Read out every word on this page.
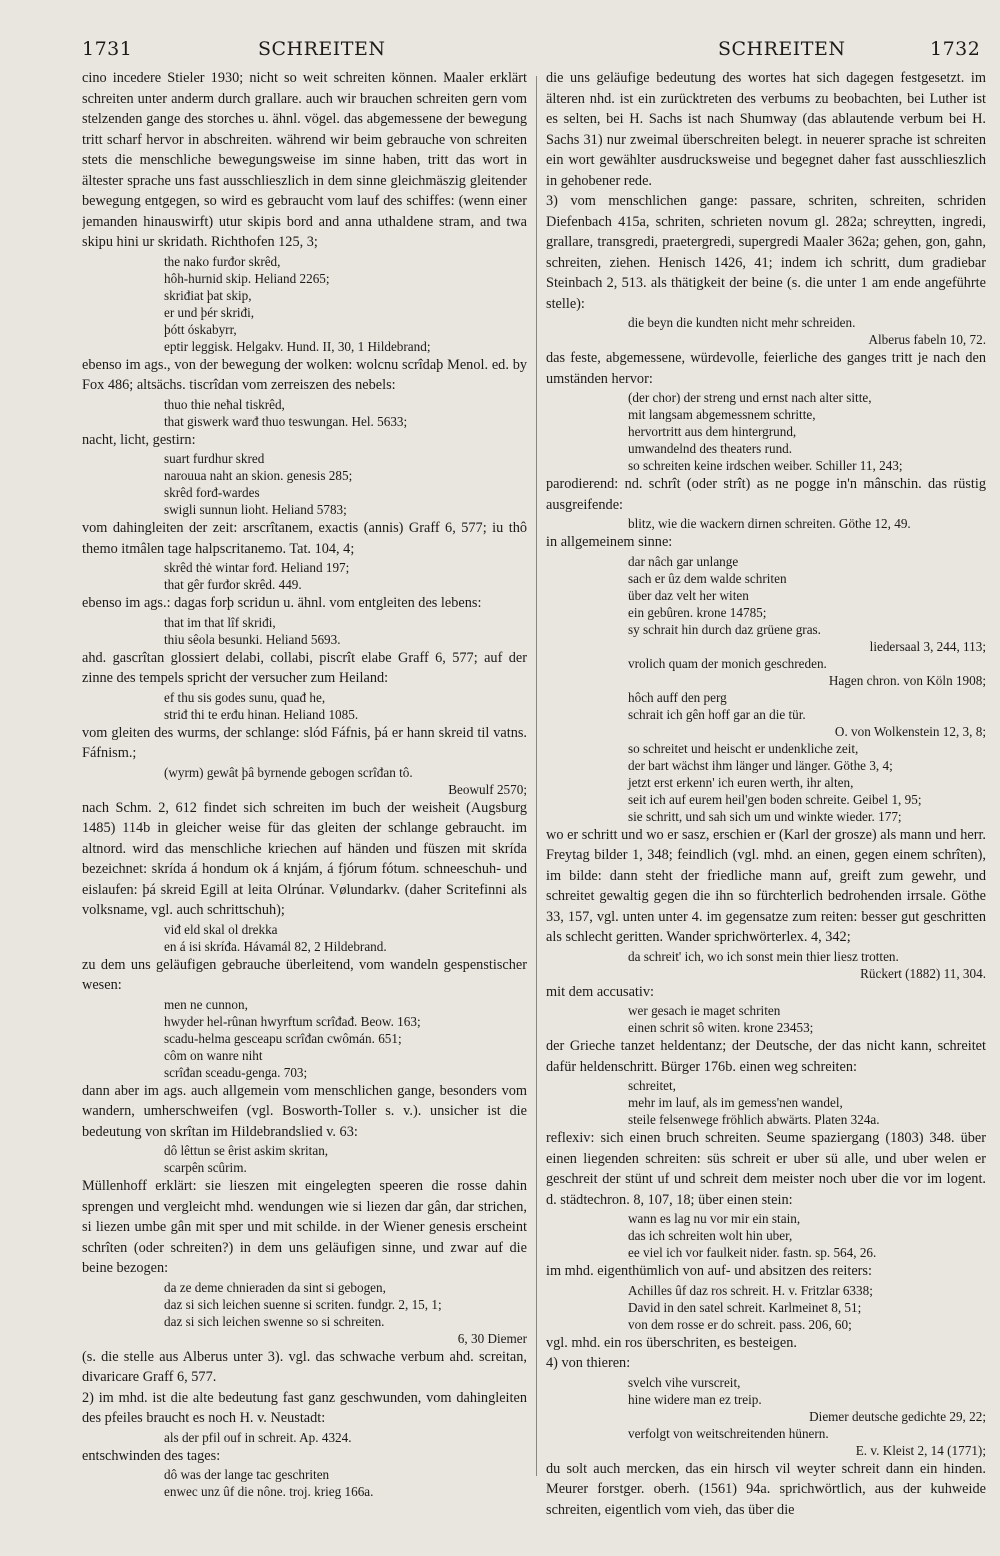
1731	SCHREITEN	SCHREITEN	1732
cino incedere Stieler 1930; nicht so weit schreiten können. Maaler erklärt schreiten unter anderm durch grallare. auch wir brauchen schreiten gern vom stelzenden gange des storches u. ähnl. vögel. das abgemessene der bewegung tritt scharf hervor in abschreiten. während wir beim gebrauche von schreiten stets die menschliche bewegungsweise im sinne haben, tritt das wort in ältester sprache uns fast ausschlieszlich in dem sinne gleichmäszig gleitender bewegung entgegen, so wird es gebraucht vom lauf des schiffes: (wenn einer jemanden hinauswirft) utur skipis bord and anna uthaldene stram, and twa skipu hini ur skridath. Richthofen 125, 3;
the nako furđor skrêd,
hôh-hurnid skip. Heliand 2265;
skriđiat þat skip,
er und þér skriđi,
þótt óskabyrr,
eptir leggisk. Helgakv. Hund. II, 30, 1 Hildebrand;
ebenso im ags., von der bewegung der wolken: wolcnu scrîdaþ Menol. ed. by Fox 486; altsächs. tiscrîdan vom zerreiszen des nebels:
thuo thie neħal tiskrêd,
that giswerk warđ thuo teswungan. Hel. 5633;
nacht, licht, gestirn:
suart furdhur skred
narouua naht an skion. genesis 285;
skrêd forđ-wardes
swigli sunnun lioht. Heliand 5783;
vom dahingleiten der zeit: arscrîtanem, exactis (annis) Graff 6, 577; iu thô themo itmâlen tage halpscritanemo. Tat. 104, 4;
skrêd thė wintar forđ. Heliand 197;
that gêr furđor skrêd. 449.
ebenso im ags.: dagas forþ scridun u. ähnl. vom entgleiten des lebens:
that im that lîf skriđi,
thiu sêola besunki. Heliand 5693.
ahd. gascrîtan glossiert delabi, collabi, piscrît elabe Graff 6, 577; auf der zinne des tempels spricht der versucher zum Heiland:
ef thu sis godes sunu, quađ he,
striđ thi te erđu hinan. Heliand 1085.
vom gleiten des wurms, der schlange: slód Fáfnis, þá er hann skreid til vatns. Fáfnism.;
(wyrm) gewât þâ byrnende gebogen scrîđan tô.
Beowulf 2570;
nach Schm. 2, 612 findet sich schreiten im buch der weisheit (Augsburg 1485) 114b in gleicher weise für das gleiten der schlange gebraucht. im altnord. wird das menschliche kriechen auf händen und füszen mit skrída bezeichnet: skrída á hondum ok á knjám, á fjórum fótum. schneeschuh- und eislaufen: þá skreid Egill at leita Olrúnar. Vølundarkv. (daher Scritefinni als volksname, vgl. auch schrittschuh);
viđ eld skal ol drekka
en á isi skríđa. Hávamál 82, 2 Hildebrand.
zu dem uns geläufigen gebrauche überleitend, vom wandeln gespenstischer wesen:
men ne cunnon,
hwyder hel-rûnan hwyrftum scrîđađ. Beow. 163;
scadu-helma gesceapu scrîđan cwômán. 651;
côm on wanre niht
scrîđan sceadu-genga. 703;
dann aber im ags. auch allgemein vom menschlichen gange, besonders vom wandern, umherschweifen (vgl. Bosworth-Toller s. v.). unsicher ist die bedeutung von skrîtan im Hildebrandslied v. 63:
dô lêttun se êrist askim skritan,
scarpên scûrim.
Müllenhoff erklärt: sie lieszen mit eingelegten speeren die rosse dahin sprengen und vergleicht mhd. wendungen wie si liezen dar gân, dar strichen, si liezen umbe gân mit sper und mit schilde. in der Wiener genesis erscheint schrîten (oder schreiten?) in dem uns geläufigen sinne, und zwar auf die beine bezogen:
da ze deme chnieraden da sint si gebogen,
daz si sich leichen suenne si scriten. fundgr. 2, 15, 1;
daz si sich leichen swenne so si schreiten.
6, 30 Diemer
(s. die stelle aus Alberus unter 3). vgl. das schwache verbum ahd. screitan, divaricare Graff 6, 577.
2) im mhd. ist die alte bedeutung fast ganz geschwunden, vom dahingleiten des pfeiles braucht es noch H. v. Neustadt:
als der pfil ouf in schreit. Ap. 4324.
entschwinden des tages:
dô was der lange tac geschriten
enwec unz ûf die nône. troj. krieg 166a.
die uns geläufige bedeutung des wortes hat sich dagegen festgesetzt. im älteren nhd. ist ein zurücktreten des verbums zu beobachten, bei Luther ist es selten, bei H. Sachs ist nach Shumway (das ablautende verbum bei H. Sachs 31) nur zweimal überschreiten belegt. in neuerer sprache ist schreiten ein wort gewählter ausdrucksweise und begegnet daher fast ausschlieszlich in gehobener rede.
3) vom menschlichen gange: passare, schriten, schreiten, schriden Diefenbach 415a, schriten, schrieten novum gl. 282a; schreytten, ingredi, grallare, transgredi, praetergredi, supergredi Maaler 362a; gehen, gon, gahn, schreiten, ziehen. Henisch 1426, 41; indem ich schritt, dum gradiebar Steinbach 2, 513. als thätigkeit der beine (s. die unter 1 am ende angeführte stelle):
die beyn die kundten nicht mehr schreiden.
Alberus fabeln 10, 72.
das feste, abgemessene, würdevolle, feierliche des ganges tritt je nach den umständen hervor:
(der chor) der streng und ernst nach alter sitte,
mit langsam abgemessnem schritte,
hervortritt aus dem hintergrund,
umwandelnd des theaters rund.
so schreiten keine irdschen weiber. Schiller 11, 243;
parodierend: nd. schrît (oder strît) as ne pogge in'n mânschin. das rüstig ausgreifende:
blitz, wie die wackern dirnen schreiten. Göthe 12, 49.
in allgemeinem sinne:
dar nâch gar unlange
sach er ûz dem walde schriten
über daz velt her witen
ein gebûren. krone 14785;
sy schrait hin durch daz grüene gras.
liedersaal 3, 244, 113;
vrolich quam der monich geschreden.
Hagen chron. von Köln 1908;
hôch auff den perg
schrait ich gên hoff gar an die tür.
O. von Wolkenstein 12, 3, 8;
so schreitet und heischt er undenkliche zeit,
der bart wächst ihm länger und länger. Göthe 3, 4;
jetzt erst erkenn' ich euren werth, ihr alten,
seit ich auf eurem heil'gen boden schreite. Geibel 1, 95;
sie schritt, und sah sich um und winkte wieder. 177;
wo er schritt und wo er sasz, erschien er (Karl der grosze) als mann und herr. Freytag bilder 1, 348; feindlich (vgl. mhd. an einen, gegen einem schrîten), im bilde: dann steht der friedliche mann auf, greift zum gewehr, und schreitet gewaltig gegen die ihn so fürchterlich bedrohenden irrsale. Göthe 33, 157, vgl. unten unter 4. im gegensatze zum reiten: besser gut geschritten als schlecht geritten. Wander sprichwörterlex. 4, 342;
da schreit' ich, wo ich sonst mein thier liesz trotten.
Rückert (1882) 11, 304.
mit dem accusativ:
wer gesach ie maget schriten
einen schrit sô witen. krone 23453;
der Grieche tanzet heldentanz; der Deutsche, der das nicht kann, schreitet dafür heldenschritt. Bürger 176b. einen weg schreiten:
schreitet,
mehr im lauf, als im gemess'nen wandel,
steile felsenwege fröhlich abwärts. Platen 324a.
reflexiv: sich einen bruch schreiten. Seume spaziergang (1803) 348. über einen liegenden schreiten: süs schreit er uber sü alle, und uber welen er geschreit der stünt uf und schreit dem meister noch uber die vor im logent. d. städtechron. 8, 107, 18; über einen stein:
wann es lag nu vor mir ein stain,
das ich schreiten wolt hin uber,
ee viel ich vor faulkeit nider. fastn. sp. 564, 26.
im mhd. eigenthümlich von auf- und absitzen des reiters:
Achilles ûf daz ros schreit. H. v. Fritzlar 6338;
David in den satel schreit. Karlmeinet 8, 51;
von dem rosse er do schreit. pass. 206, 60;
vgl. mhd. ein ros überschriten, es besteigen.
4) von thieren:
svelch vihe vurscreit,
hine widere man ez treip.
Diemer deutsche gedichte 29, 22;
verfolgt von weitschreitenden hünern.
E. v. Kleist 2, 14 (1771);
du solt auch mercken, das ein hirsch vil weyter schreit dann ein hinden. Meurer forstger. oberh. (1561) 94a. sprichwörtlich, aus der kuhweide schreiten, eigentlich vom vieh, das über die
